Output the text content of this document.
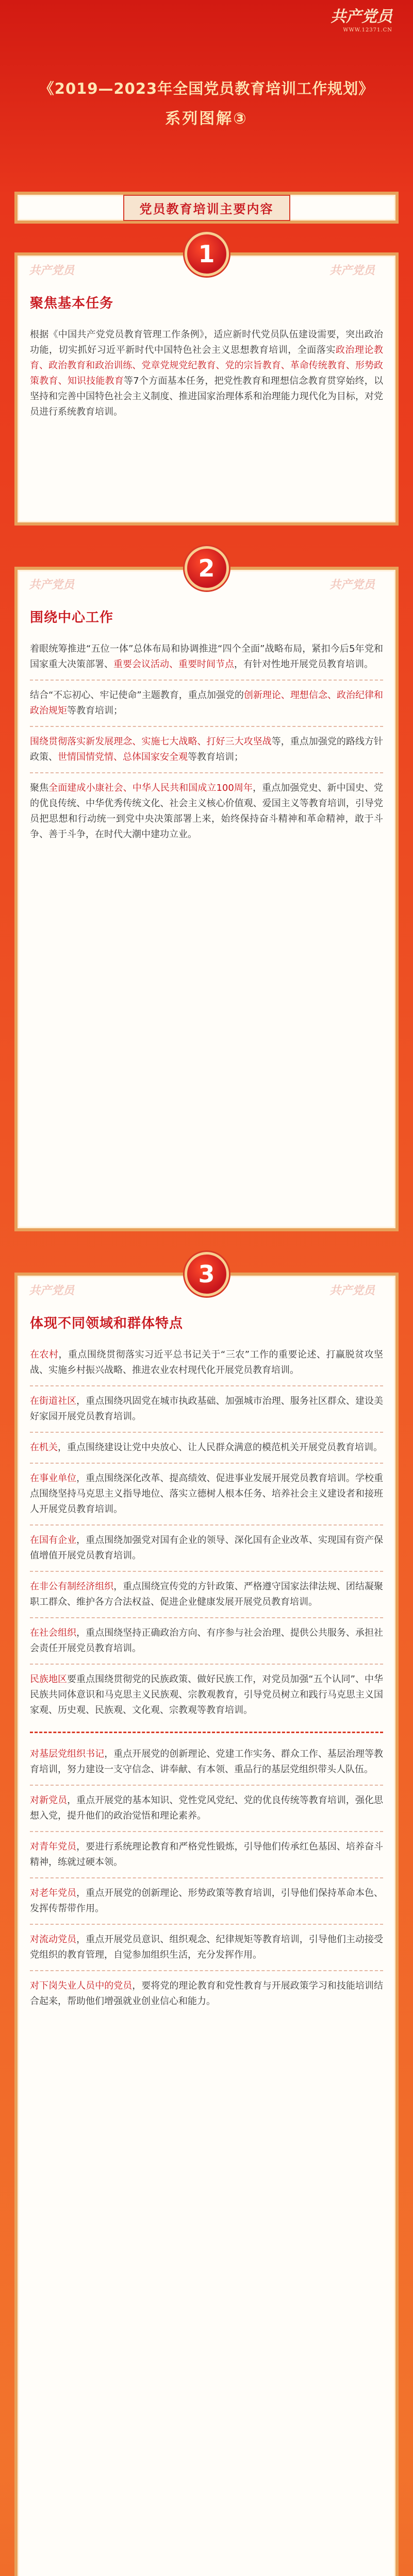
共产党员
WWW.12371.CN
《2019—2023年全国党员教育培训工作规划》
系列图解③
党员教育培训主要内容
1
共产党员	共产党员
聚焦基本任务
根据《中国共产党党员教育管理工作条例》，适应新时代党员队伍建设需要，突出政治功能，切实抓好习近平新时代中国特色社会主义思想教育培训，全面落实政治理论教育、政治教育和政治训练、党章党规党纪教育、党的宗旨教育、革命传统教育、形势政策教育、知识技能教育等7个方面基本任务，把党性教育和理想信念教育贯穿始终，以坚持和完善中国特色社会主义制度、推进国家治理体系和治理能力现代化为目标，对党员进行系统教育培训。
2
共产党员	共产党员
围绕中心工作
着眼统筹推进“五位一体”总体布局和协调推进“四个全面”战略布局，紧扣今后5年党和国家重大决策部署、重要会议活动、重要时间节点，有针对性地开展党员教育培训。
结合“不忘初心、牢记使命”主题教育，重点加强党的创新理论、理想信念、政治纪律和政治规矩等教育培训；
围绕贯彻落实新发展理念、实施七大战略、打好三大攻坚战等，重点加强党的路线方针政策、世情国情党情、总体国家安全观等教育培训；
聚焦全面建成小康社会、中华人民共和国成立100周年，重点加强党史、新中国史、党的优良传统、中华优秀传统文化、社会主义核心价值观、爱国主义等教育培训，引导党员把思想和行动统一到党中央决策部署上来，始终保持奋斗精神和革命精神，敢于斗争、善于斗争，在时代大潮中建功立业。
3
共产党员	共产党员
体现不同领域和群体特点
在农村，重点围绕贯彻落实习近平总书记关于“三农”工作的重要论述、打赢脱贫攻坚战、实施乡村振兴战略、推进农业农村现代化开展党员教育培训。
在街道社区，重点围绕巩固党在城市执政基础、加强城市治理、服务社区群众、建设美好家园开展党员教育培训。
在机关，重点围绕建设让党中央放心、让人民群众满意的模范机关开展党员教育培训。
在事业单位，重点围绕深化改革、提高绩效、促进事业发展开展党员教育培训。学校重点围绕坚持马克思主义指导地位、落实立德树人根本任务、培养社会主义建设者和接班人开展党员教育培训。
在国有企业，重点围绕加强党对国有企业的领导、深化国有企业改革、实现国有资产保值增值开展党员教育培训。
在非公有制经济组织，重点围绕宣传党的方针政策、严格遵守国家法律法规、团结凝聚职工群众、维护各方合法权益、促进企业健康发展开展党员教育培训。
在社会组织，重点围绕坚持正确政治方向、有序参与社会治理、提供公共服务、承担社会责任开展党员教育培训。
民族地区要重点围绕贯彻党的民族政策、做好民族工作，对党员加强“五个认同”、中华民族共同体意识和马克思主义民族观、宗教观教育，引导党员树立和践行马克思主义国家观、历史观、民族观、文化观、宗教观等教育培训。
对基层党组织书记，重点开展党的创新理论、党建工作实务、群众工作、基层治理等教育培训，努力建设一支守信念、讲奉献、有本领、重品行的基层党组织带头人队伍。
对新党员，重点开展党的基本知识、党性党风党纪、党的优良传统等教育培训，强化思想入党，提升他们的政治觉悟和理论素养。
对青年党员，要进行系统理论教育和严格党性锻炼，引导他们传承红色基因、培养奋斗精神，练就过硬本领。
对老年党员，重点开展党的创新理论、形势政策等教育培训，引导他们保持革命本色、发挥传帮带作用。
对流动党员，重点开展党员意识、组织观念、纪律规矩等教育培训，引导他们主动接受党组织的教育管理，自觉参加组织生活，充分发挥作用。
对下岗失业人员中的党员，要将党的理论教育和党性教育与开展政策学习和技能培训结合起来，帮助他们增强就业创业信心和能力。
